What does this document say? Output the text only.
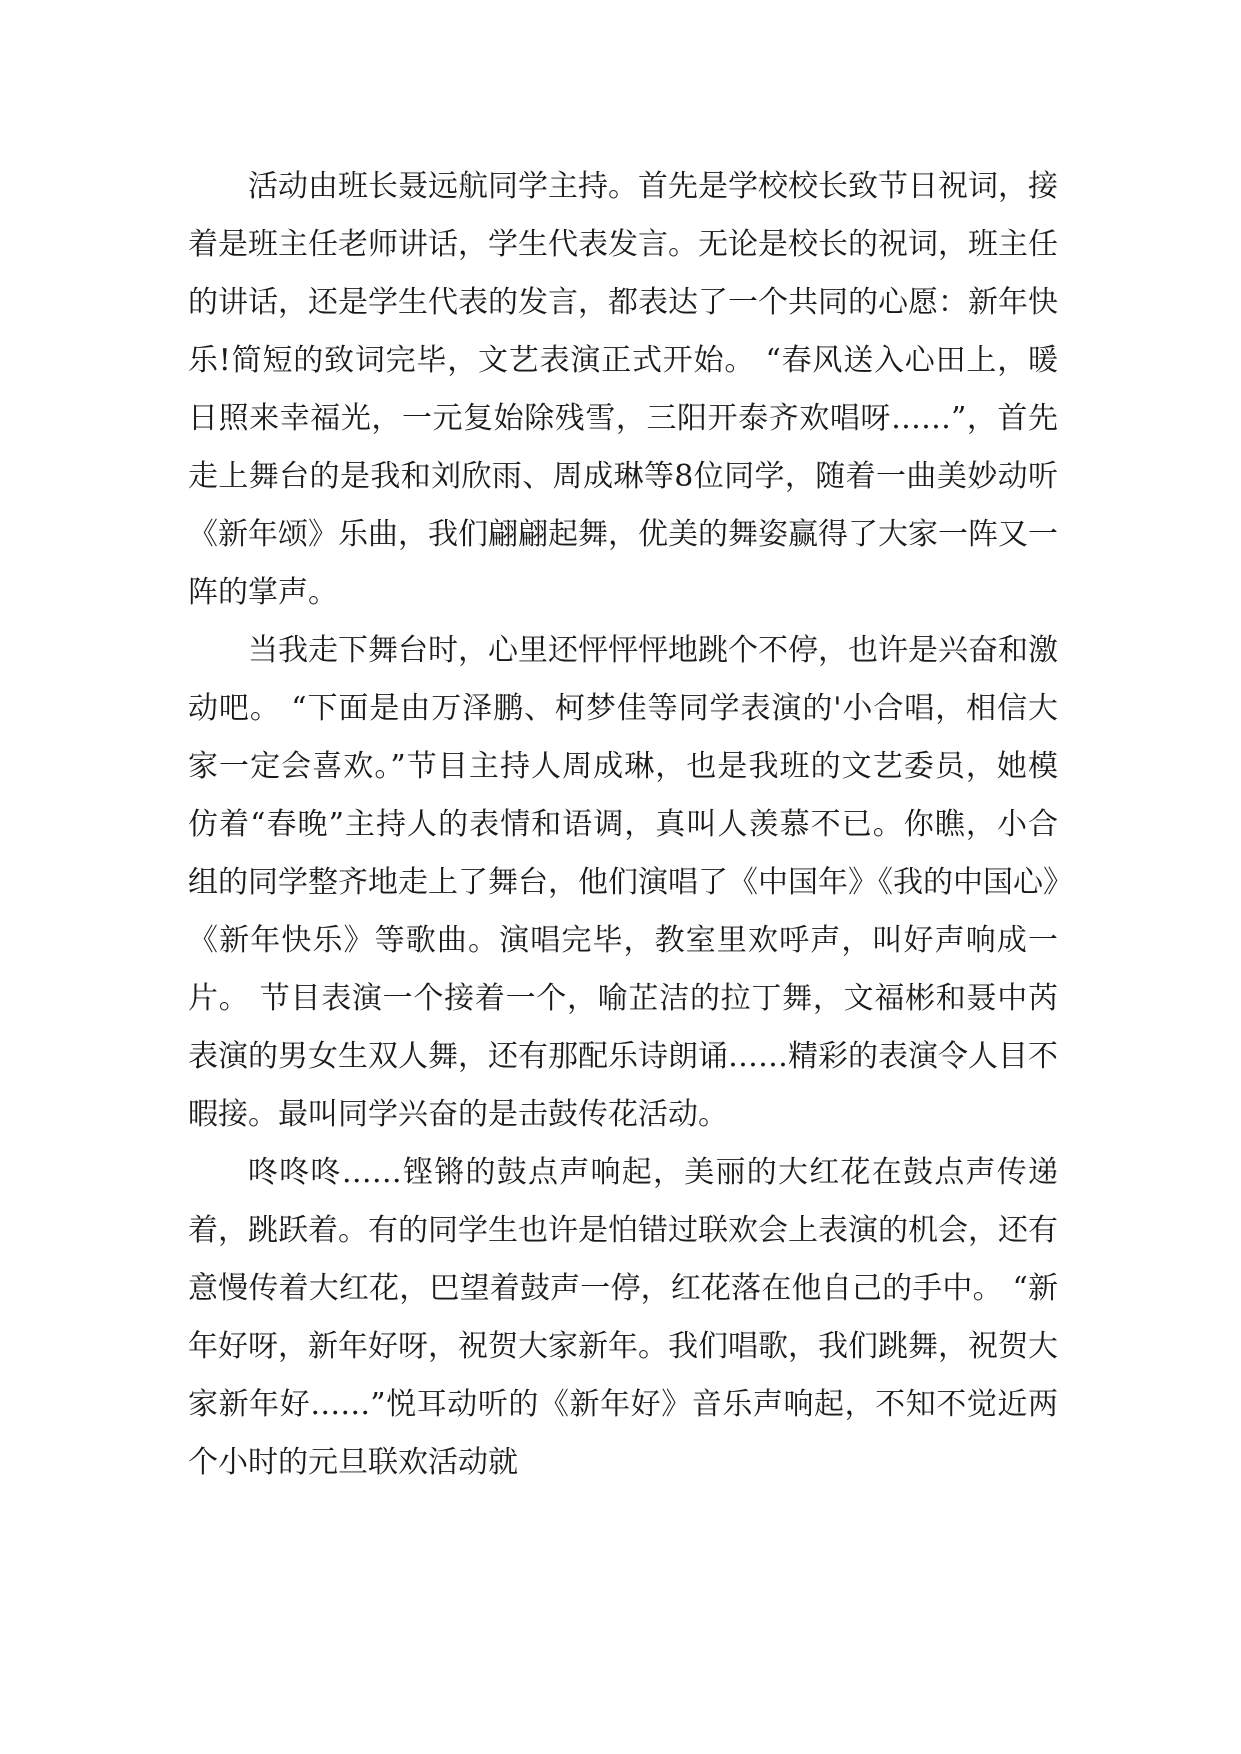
活动由班长聂远航同学主持。首先是学校校长致节日祝词，接着是班主任老师讲话，学生代表发言。无论是校长的祝词，班主任的讲话，还是学生代表的发言，都表达了一个共同的心愿：新年快乐!简短的致词完毕，文艺表演正式开始。 “春风送入心田上，暖日照来幸福光，一元复始除残雪，三阳开泰齐欢唱呀……”，首先走上舞台的是我和刘欣雨、周成琳等8位同学，随着一曲美妙动听《新年颂》乐曲，我们翩翩起舞，优美的舞姿赢得了大家一阵又一阵的掌声。

当我走下舞台时，心里还怦怦怦地跳个不停，也许是兴奋和激动吧。 “下面是由万泽鹏、柯梦佳等同学表演的'小合唱，相信大家一定会喜欢。”节目主持人周成琳，也是我班的文艺委员，她模仿着“春晚”主持人的表情和语调，真叫人羡慕不已。你瞧，小合组的同学整齐地走上了舞台，他们演唱了《中国年》《我的中国心》《新年快乐》等歌曲。演唱完毕，教室里欢呼声，叫好声响成一片。 节目表演一个接着一个，喻芷洁的拉丁舞，文福彬和聂中芮表演的男女生双人舞，还有那配乐诗朗诵……精彩的表演令人目不暇接。最叫同学兴奋的是击鼓传花活动。

咚咚咚……铿锵的鼓点声响起，美丽的大红花在鼓点声传递着，跳跃着。有的同学生也许是怕错过联欢会上表演的机会，还有意慢传着大红花，巴望着鼓声一停，红花落在他自己的手中。 “新年好呀，新年好呀，祝贺大家新年。我们唱歌，我们跳舞，祝贺大家新年好……”悦耳动听的《新年好》音乐声响起，不知不觉近两个小时的元旦联欢活动就
